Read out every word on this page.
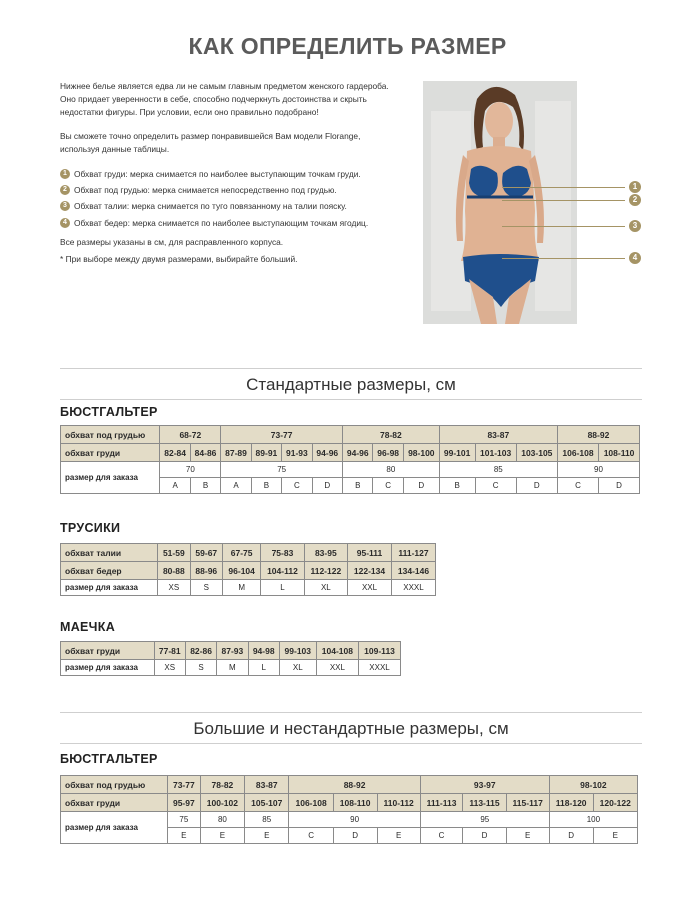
КАК ОПРЕДЕЛИТЬ РАЗМЕР

Нижнее белье является едва ли не самым главным предметом женского гардероба. Оно придает уверенности в себе, способно подчеркнуть достоинства и скрыть недостатки фигуры. При условии, если оно правильно подобрано!

Вы сможете точно определить размер понравившейся Вам модели Florange, используя данные таблицы.

1 Обхват груди: мерка снимается по наиболее выступающим точкам груди.
2 Обхват под грудью: мерка снимается непосредственно под грудью.
3 Обхват талии: мерка снимается по туго повязанному на талии пояску.
4 Обхват бедер: мерка снимается по наиболее выступающим точкам ягодиц.

Все размеры указаны в см, для расправленного корпуса.

* При выборе между двумя размерами, выбирайте больший.

1
2
3
4
Стандартные размеры, см
БЮСТГАЛЬТЕР
обхват под грудью	68-72		73-77				78-82			83-87			88-92	
обхват груди	82-84	84-86	87-89	89-91	91-93	94-96	94-96	96-98	98-100	99-101	101-103	103-105	106-108	108-110
размер для заказа	70		75				80			85			90	
	A	B	A	B	C	D	B	C	D	B	C	D	C	D
ТРУСИКИ
обхват талии	51-59	59-67	67-75	75-83	83-95	95-111	111-127
обхват бедер	80-88	88-96	96-104	104-112	112-122	122-134	134-146
размер для заказа	XS	S	M	L	XL	XXL	XXXL
МАЕЧКА
обхват груди	77-81	82-86	87-93	94-98	99-103	104-108	109-113
размер для заказа	XS	S	M	L	XL	XXL	XXXL
Большие и нестандартные размеры, см
БЮСТГАЛЬТЕР
обхват под грудью	73-77	78-82	83-87	88-92			93-97			98-102	
обхват груди	95-97	100-102	105-107	106-108	108-110	110-112	111-113	113-115	115-117	118-120	120-122
размер для заказа	75	80	85	90			95			100	
	E	E	E	C	D	E	C	D	E	D	E
